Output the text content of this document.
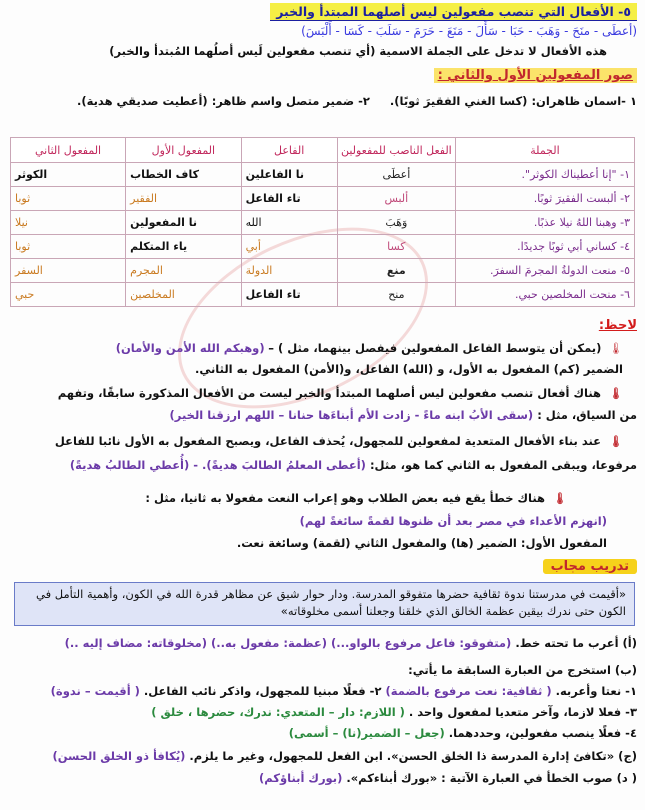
٥- الأفعال التي تنصب مفعولين ليس أصلهما المبتدأ والخبر
(أعطَى - منَحَ - وَهَبَ - حَبَا - سَأَلَ - مَنَعَ - حَرَمَ - سَلَبَ - كَسَا - أَلْبَسَ)
هذه الأفعال لا تدخل على الجملة الاسمية (أي تنصب مفعولين لَيس أصلُهما المُبتدأ والخبر)
صور المفعولين الأول والثاني :
١ -اسمان ظاهران: (كسا الغني الفقيرَ ثوبًا).     ٢- ضمير متصل واسم ظاهر: (أعطيت صديقي هدية).
الجملة	الفعل الناصب للمفعولين	الفاعل	المفعول الأول	المفعول الثاني
١- "إنا أعطيناك الكوثر".	أعطَى	نا الفاعلين	كاف الخطاب	الكوثر
٢- ألبست الفقيرَ ثوبًا.	ألبس	تاء الفاعل	الفقير	ثوبا
٣- وهبنا اللهُ نيلا عذبًا.	وَهَبَ	الله	نا المفعولين	نيلا
٤- كساني أبي ثوبًا جديدًا.	كسا	أبي	ياء المتكلم	ثوبا
٥- منعت الدولةُ المجرمَ السفرَ.	منع	الدولة	المجرم	السفر
٦- منحت المخلصين حبي.	منح	تاء الفاعل	المخلصين	حبي
لاحظ:
🌡 (يمكن أن يتوسط الفاعل المفعولين فيفصل بينهما، مثل ) – (وهبكم الله الأمن والأمان)
الضمير (كم) المفعول به الأول، و (الله) الفاعل، و(الأمن) المفعول به الثاني.
🌡 هناك أفعال تنصب مفعولين ليس أصلهما المبتدأ والخبر ليست من الأفعال المذكورة سابقًا، وتفهم
من السياق، مثل : (سقى الأبُ ابنه ماءً - زادت الأم أبناءَها حنانا – اللهم ارزقنا الخير)
🌡 عند بناء الأفعال المتعدية لمفعولين للمجهول، يُحذف الفاعل، ويصبح المفعول به الأول نائبا للفاعل
مرفوعا، ويبقى المفعول به الثاني كما هو، مثل: (أعطى المعلمُ الطالبَ هديةً). - (أُعطي الطالبُ هديةً)
🌡 هناك خطأ يقع فيه بعض الطلاب وهو إعراب النعت مفعولا به ثانيا، مثل :
(انهزم الأعداء في مصر بعد أن ظنوها لقمةً سائغةً لهم)
المفعول الأول: الضمير (ها) والمفعول الثاني (لقمة) وسائغة نعت.
تدريب مجاب
«أقيمت في مدرستنا ندوة ثقافية حضرها متفوقو المدرسة. ودار حوار شيق عن مظاهر قدرة الله في الكون، وأهمية التأمل في الكون حتى ندرك بيقين عظمة الخالق الذي خلقنا وجعلنا أسمى مخلوقاته»
(أ) أعرب ما تحته خط. (متفوقو: فاعل مرفوع بالواو...) (عظمة: مفعول به..) (مخلوقاته: مضاف إليه ..)
(ب) استخرج من العبارة السابقة ما يأتي:
١- نعتا وأعربه. ( ثقافية: نعت مرفوع بالضمة) ٢- فعلًا مبنيا للمجهول، واذكر نائب الفاعل. ( أقيمت – ندوة)
٣- فعلا لازما، وآخر متعديا لمفعول واحد . ( اللازم: دار – المتعدي: ندرك، حضرها ، خلق )
٤- فعلًا ينصب مفعولين، وحددهما. (جعل – الضمير(نا) – أسمى)
(ج) «تكافئ إدارة المدرسة ذا الخلق الحسن». ابن الفعل للمجهول، وغير ما يلزم. (يُكافأ ذو الخلق الحسن)
( د) صوب الخطأ في العبارة الآتية : «بورك أبناءكم». (بورك أبناؤكم)
